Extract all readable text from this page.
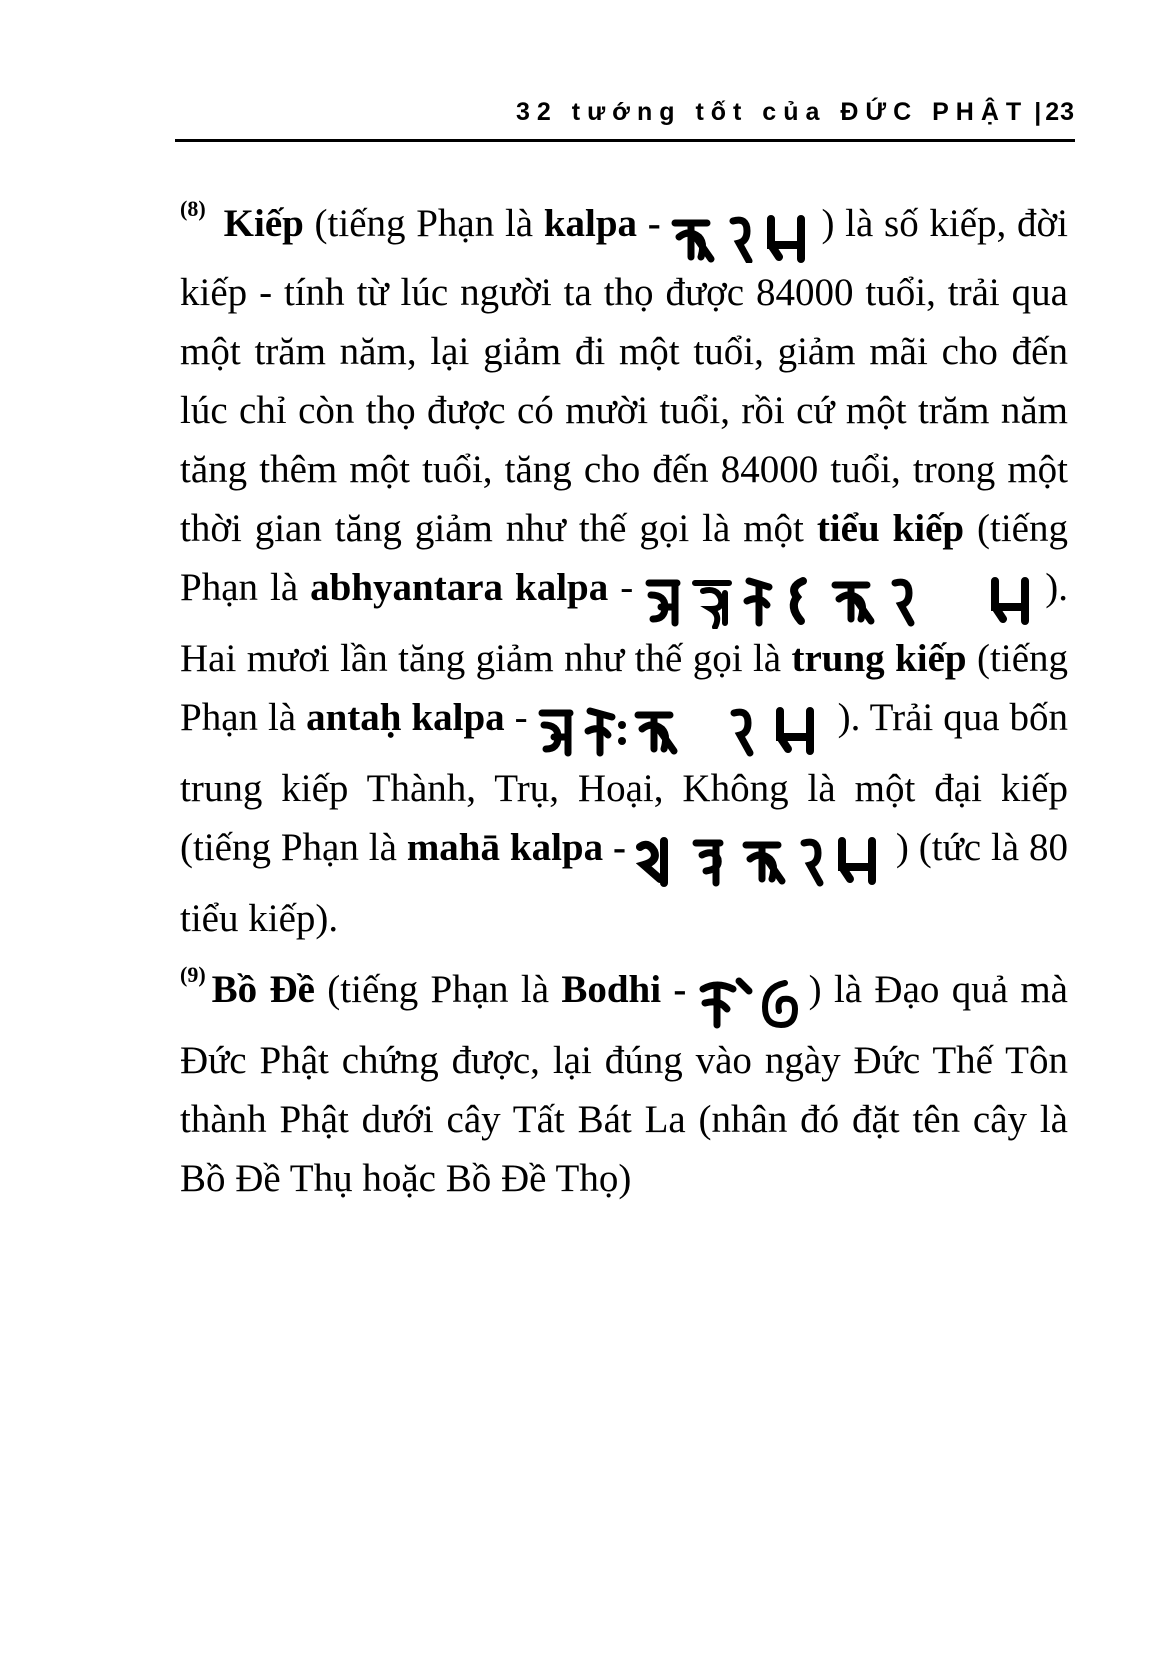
32 tướng tốt của ĐỨC PHẬT | 23

$^{(8)}$ Kiếp (tiếng Phạn là kalpa -	) là số kiếp, đời kiếp - tính từ lúc người ta thọ được 84000 tuổi, trải qua một trăm năm, lại giảm đi một tuổi, giảm mãi cho đến lúc chỉ còn thọ được có mười tuổi, rồi cứ một trăm năm tăng thêm một tuổi, tăng cho đến 84000 tuổi, trong một thời gian tăng giảm như thế gọi là một tiểu kiếp (tiếng Phạn là abhyantara kalpa -	). Hai mươi lần tăng giảm như thế gọi là trung kiếp (tiếng Phạn là antaḥ kalpa -	). Trải qua bốn trung kiếp Thành, Trụ, Hoại, Không là một đại kiếp (tiếng Phạn là mahā kalpa -	) (tức là 80 tiểu kiếp).

$^{(9)}$ Bồ Đề (tiếng Phạn là Bodhi -	) là Đạo quả mà Đức Phật chứng được, lại đúng vào ngày Đức Thế Tôn thành Phật dưới cây Tất Bát La (nhân đó đặt tên cây là Bồ Đề Thụ hoặc Bồ Đề Thọ)
